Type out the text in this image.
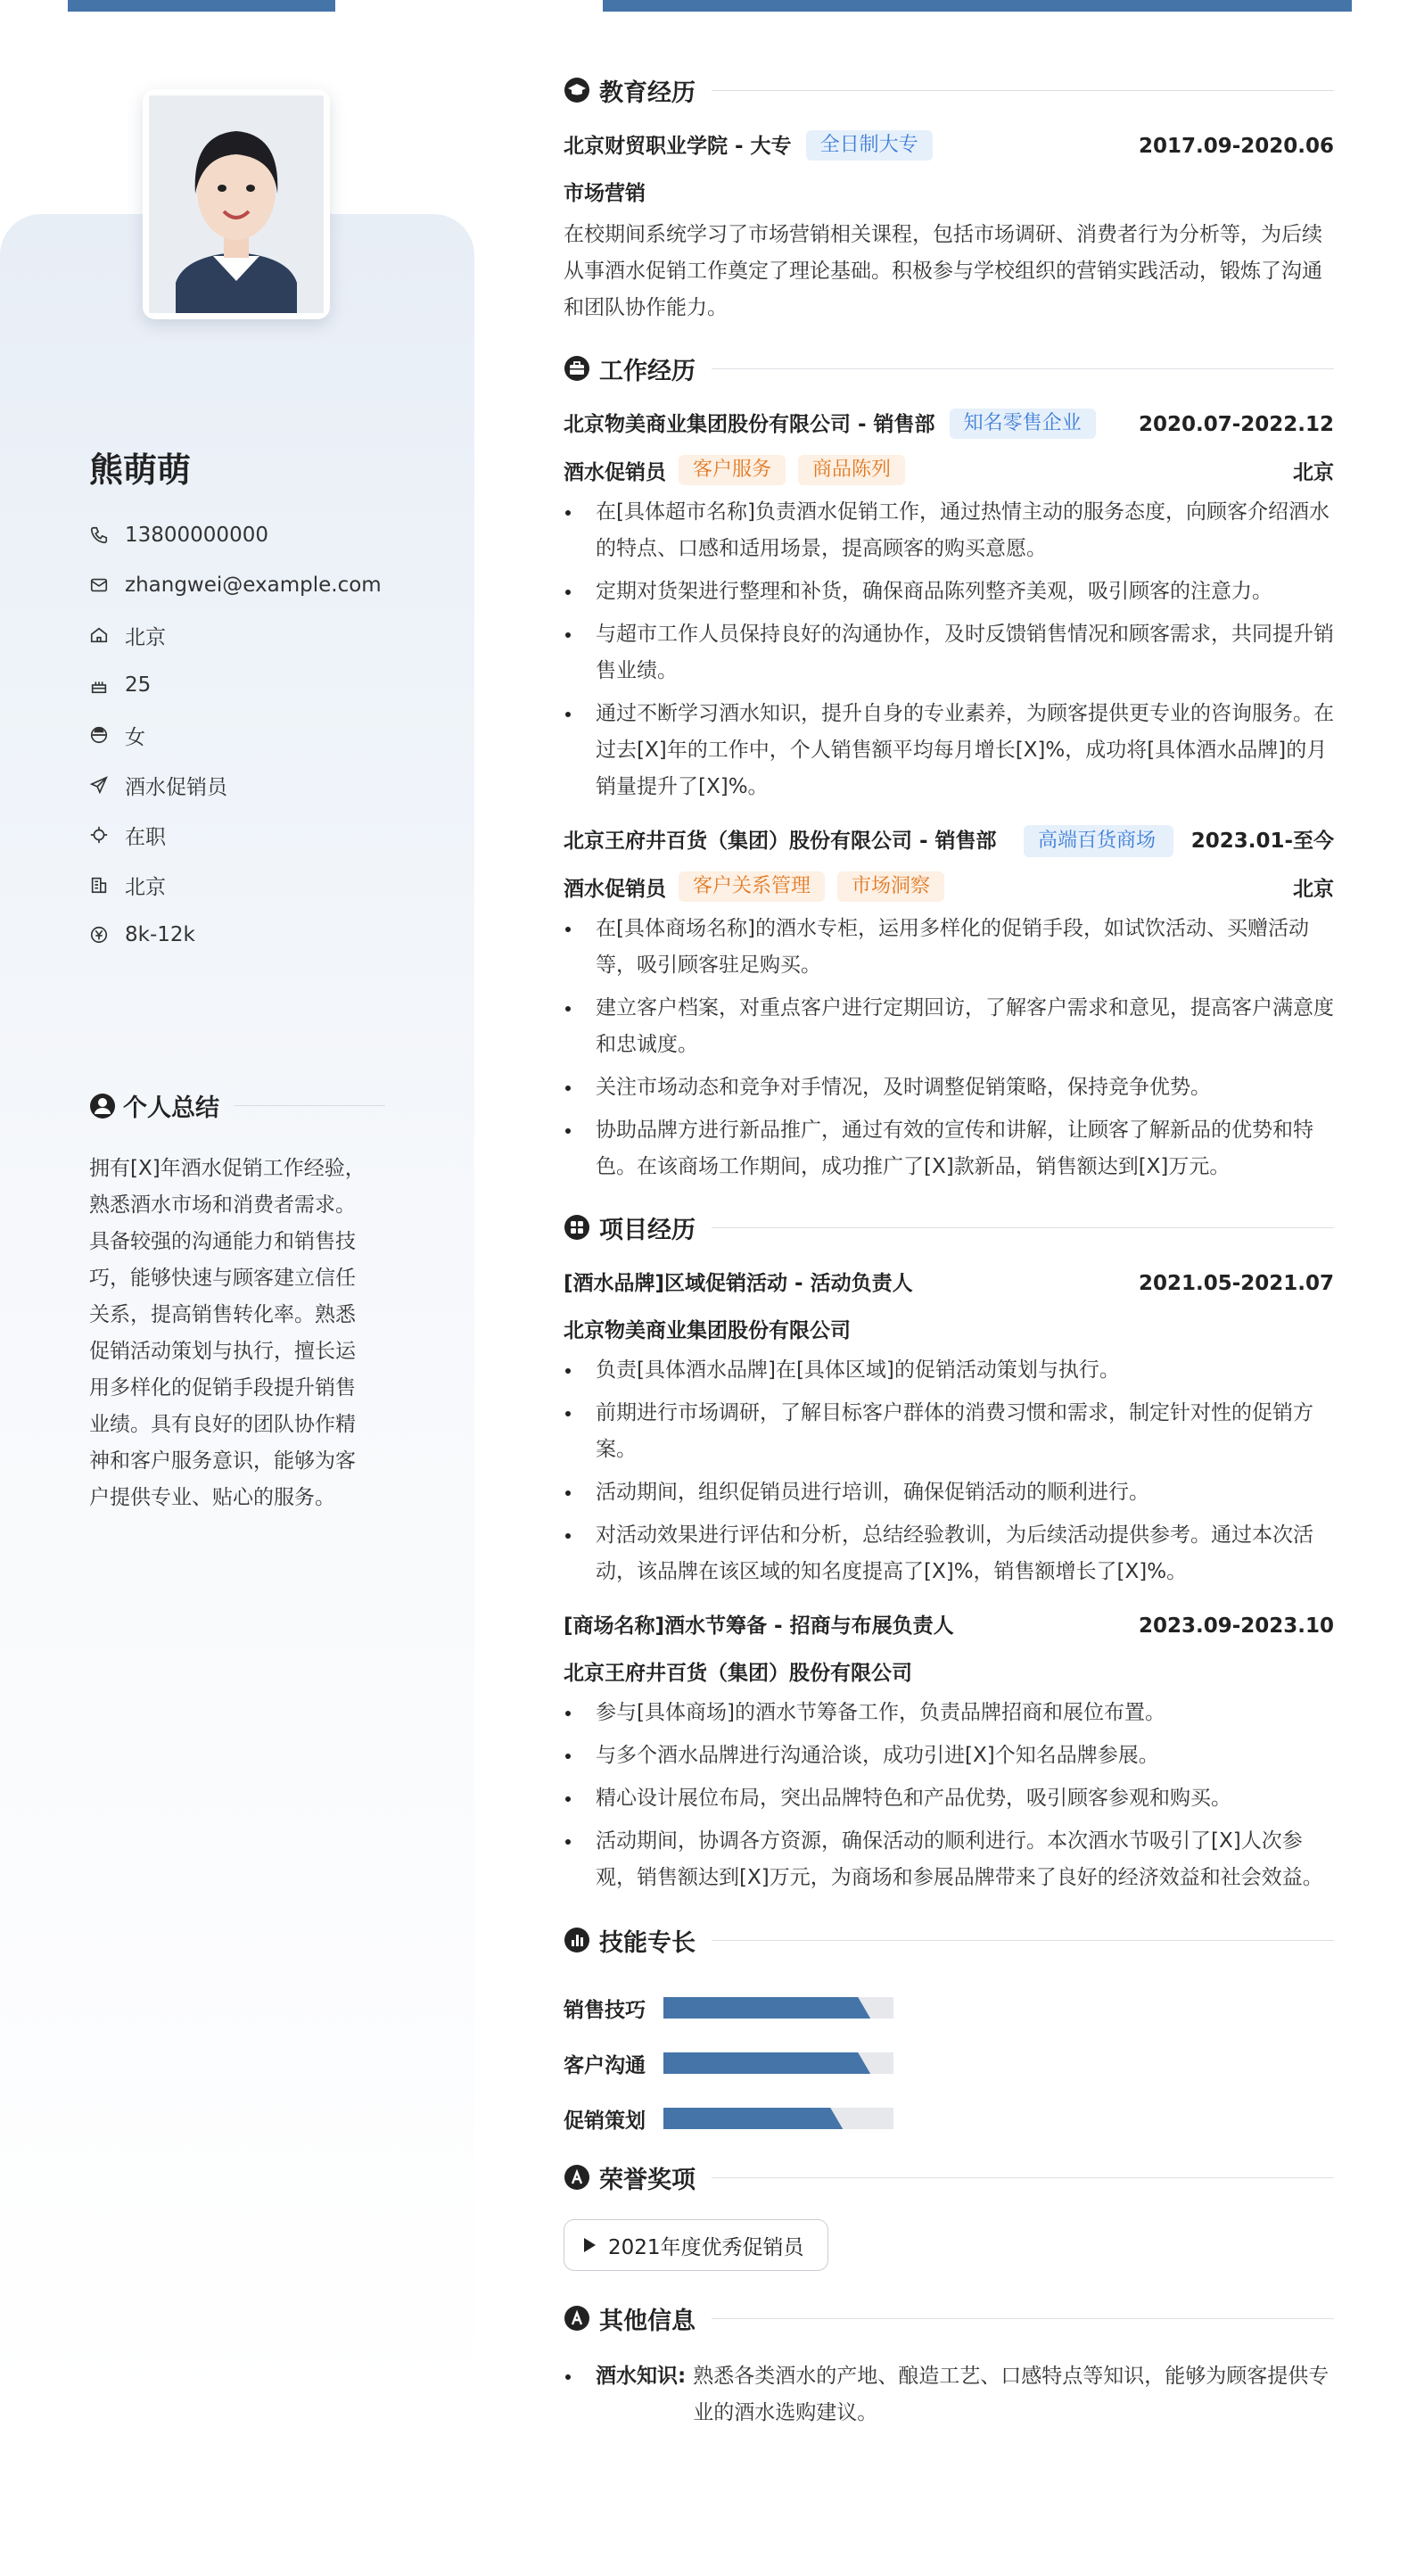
熊萌萌
13800000000
zhangwei@example.com
北京
25
女
酒水促销员
在职
北京
8k-12k
个人总结
拥有[X]年酒水促销工作经验，熟悉酒水市场和消费者需求。具备较强的沟通能力和销售技巧，能够快速与顾客建立信任关系，提高销售转化率。熟悉促销活动策划与执行，擅长运用多样化的促销手段提升销售业绩。具有良好的团队协作精神和客户服务意识，能够为客户提供专业、贴心的服务。
教育经历
北京财贸职业学院 - 大专	全日制大专	2017.09-2020.06
市场营销
在校期间系统学习了市场营销相关课程，包括市场调研、消费者行为分析等，为后续从事酒水促销工作奠定了理论基础。积极参与学校组织的营销实践活动，锻炼了沟通和团队协作能力。
工作经历
北京物美商业集团股份有限公司 - 销售部	知名零售企业	2020.07-2022.12
酒水促销员	客户服务	商品陈列	北京
在[具体超市名称]负责酒水促销工作，通过热情主动的服务态度，向顾客介绍酒水的特点、口感和适用场景，提高顾客的购买意愿。
定期对货架进行整理和补货，确保商品陈列整齐美观，吸引顾客的注意力。
与超市工作人员保持良好的沟通协作，及时反馈销售情况和顾客需求，共同提升销售业绩。
通过不断学习酒水知识，提升自身的专业素养，为顾客提供更专业的咨询服务。在过去[X]年的工作中，个人销售额平均每月增长[X]%，成功将[具体酒水品牌]的月销量提升了[X]%。
北京王府井百货（集团）股份有限公司 - 销售部	高端百货商场	2023.01-至今
酒水促销员	客户关系管理	市场洞察	北京
在[具体商场名称]的酒水专柜，运用多样化的促销手段，如试饮活动、买赠活动等，吸引顾客驻足购买。
建立客户档案，对重点客户进行定期回访，了解客户需求和意见，提高客户满意度和忠诚度。
关注市场动态和竞争对手情况，及时调整促销策略，保持竞争优势。
协助品牌方进行新品推广，通过有效的宣传和讲解，让顾客了解新品的优势和特色。在该商场工作期间，成功推广了[X]款新品，销售额达到[X]万元。
项目经历
[酒水品牌]区域促销活动 - 活动负责人	2021.05-2021.07
北京物美商业集团股份有限公司
负责[具体酒水品牌]在[具体区域]的促销活动策划与执行。
前期进行市场调研，了解目标客户群体的消费习惯和需求，制定针对性的促销方案。
活动期间，组织促销员进行培训，确保促销活动的顺利进行。
对活动效果进行评估和分析，总结经验教训，为后续活动提供参考。通过本次活动，该品牌在该区域的知名度提高了[X]%，销售额增长了[X]%。
[商场名称]酒水节筹备 - 招商与布展负责人	2023.09-2023.10
北京王府井百货（集团）股份有限公司
参与[具体商场]的酒水节筹备工作，负责品牌招商和展位布置。
与多个酒水品牌进行沟通洽谈，成功引进[X]个知名品牌参展。
精心设计展位布局，突出品牌特色和产品优势，吸引顾客参观和购买。
活动期间，协调各方资源，确保活动的顺利进行。本次酒水节吸引了[X]人次参观，销售额达到[X]万元，为商场和参展品牌带来了良好的经济效益和社会效益。
技能专长
销售技巧
客户沟通
促销策划
荣誉奖项
2021年度优秀促销员
其他信息
酒水知识: 熟悉各类酒水的产地、酿造工艺、口感特点等知识，能够为顾客提供专业的酒水选购建议。
